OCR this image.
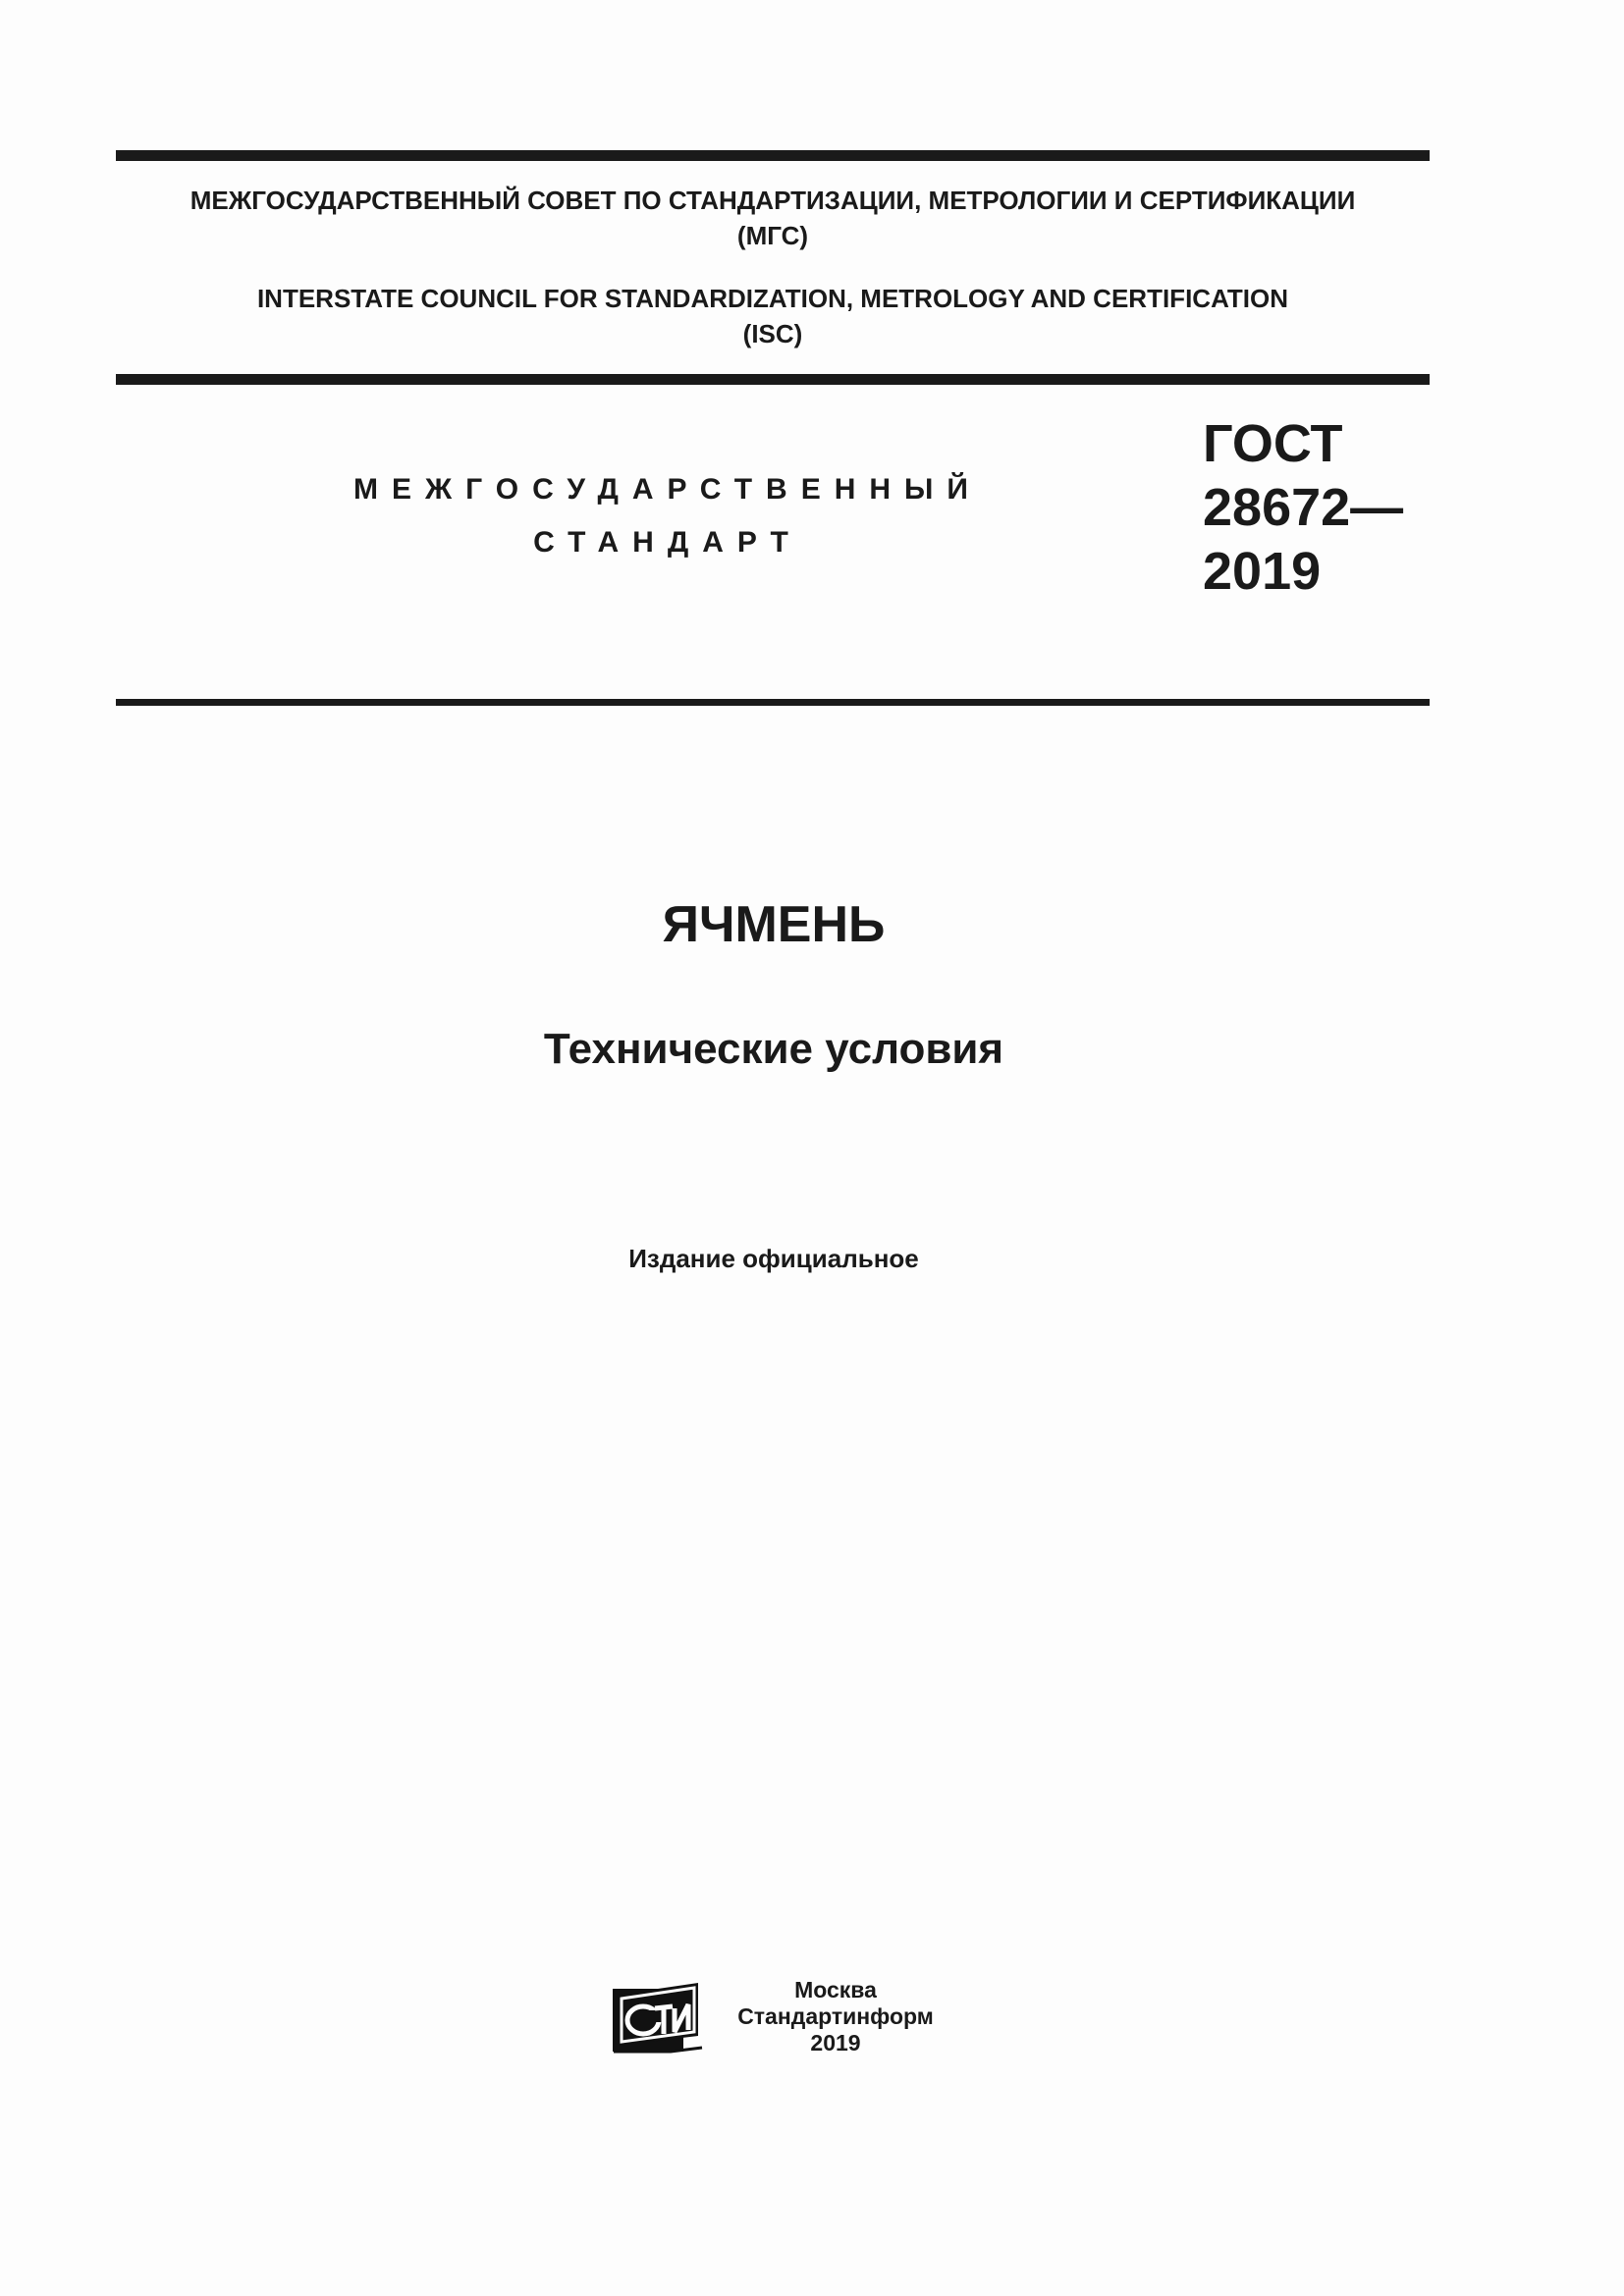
МЕЖГОСУДАРСТВЕННЫЙ СОВЕТ ПО СТАНДАРТИЗАЦИИ, МЕТРОЛОГИИ И СЕРТИФИКАЦИИ
(МГС)
INTERSTATE COUNCIL FOR STANDARDIZATION, METROLOGY AND CERTIFICATION
(ISC)
МЕЖГОСУДАРСТВЕННЫЙ
СТАНДАРТ
ГОСТ
28672—
2019
ЯЧМЕНЬ
Технические условия
Издание официальное
Москва
Стандартинформ
2019
